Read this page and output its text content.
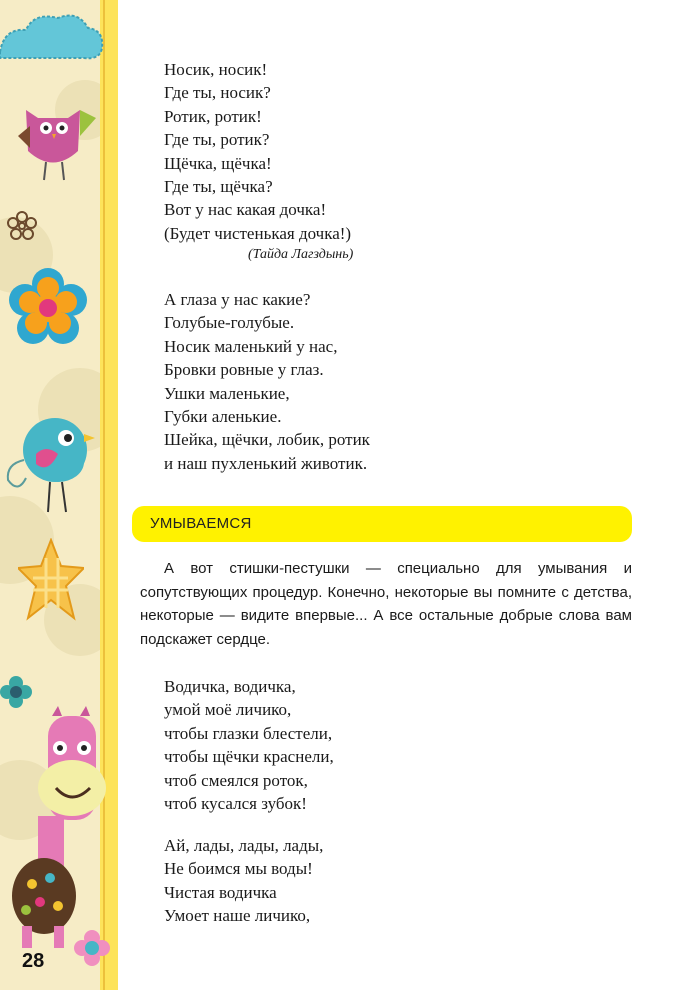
28
Носик, носик!
Где ты, носик?
Ротик, ротик!
Где ты, ротик?
Щёчка, щёчка!
Где ты, щёчка?
Вот у нас какая дочка!
(Будет чистенькая дочка!)
(Тайда Лагздынь)
А глаза у нас какие?
Голубые-голубые.
Носик маленький у нас,
Бровки ровные у глаз.
Ушки маленькие,
Губки аленькие.
Шейка, щёчки, лобик, ротик
и наш пухленький животик.
УМЫВАЕМСЯ

А вот стишки-пестушки — специально для умывания и сопутствующих процедур. Конечно, некоторые вы помните с детства, некоторые — видите впервые... А все остальные добрые слова вам подскажет сердце.

Водичка, водичка,
умой моё личико,
чтобы глазки блестели,
чтобы щёчки краснели,
чтоб смеялся роток,
чтоб кусался зубок!
Ай, лады, лады, лады,
Не боимся мы воды!
Чистая водичка
Умоет наше личико,
